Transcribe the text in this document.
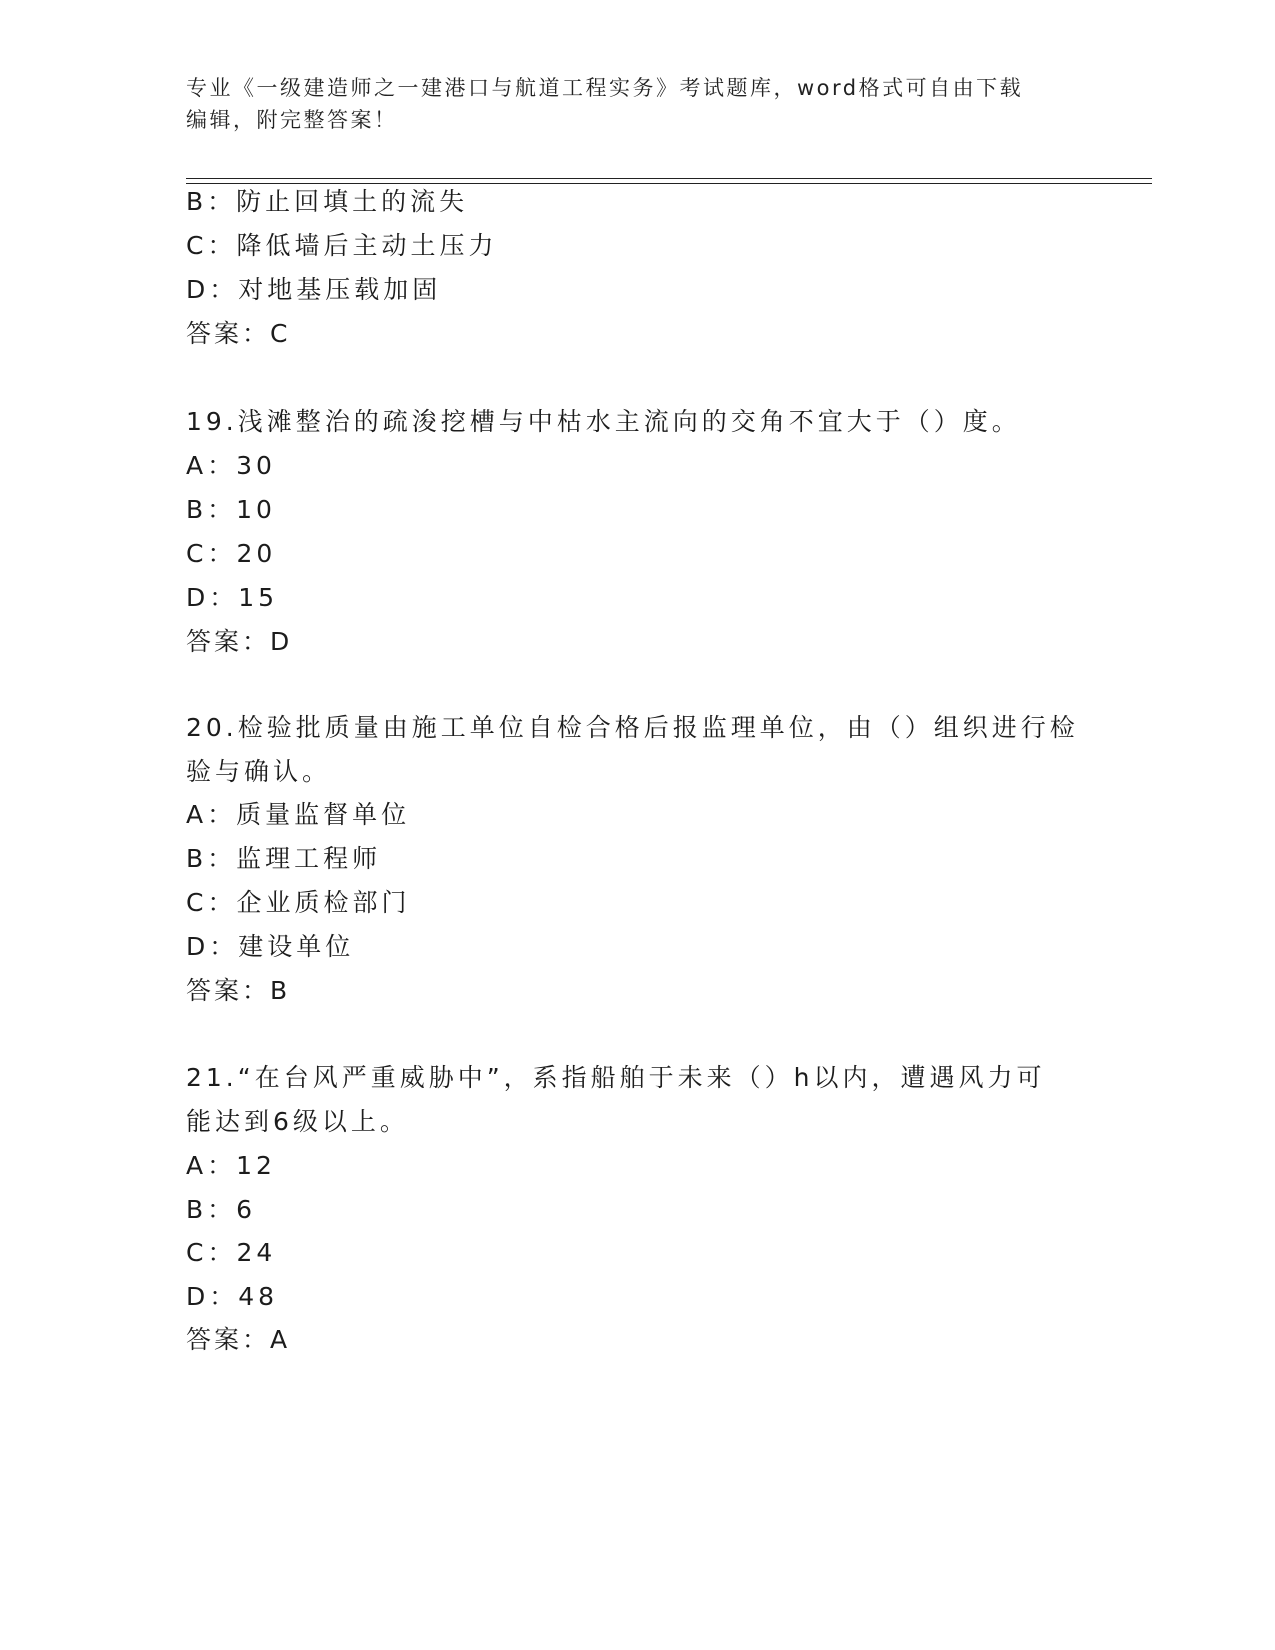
专业《一级建造师之一建港口与航道工程实务》考试题库，word格式可自由下载
编辑，附完整答案！
B：防止回填土的流失
C：降低墙后主动土压力
D：对地基压载加固
答案：C
19.浅滩整治的疏浚挖槽与中枯水主流向的交角不宜大于（）度。
A：30
B：10
C：20
D：15
答案：D
20.检验批质量由施工单位自检合格后报监理单位，由（）组织进行检
验与确认。
A：质量监督单位
B：监理工程师
C：企业质检部门
D：建设单位
答案：B
21.“在台风严重威胁中”，系指船舶于未来（）h以内，遭遇风力可
能达到6级以上。
A：12
B：6
C：24
D：48
答案：A
